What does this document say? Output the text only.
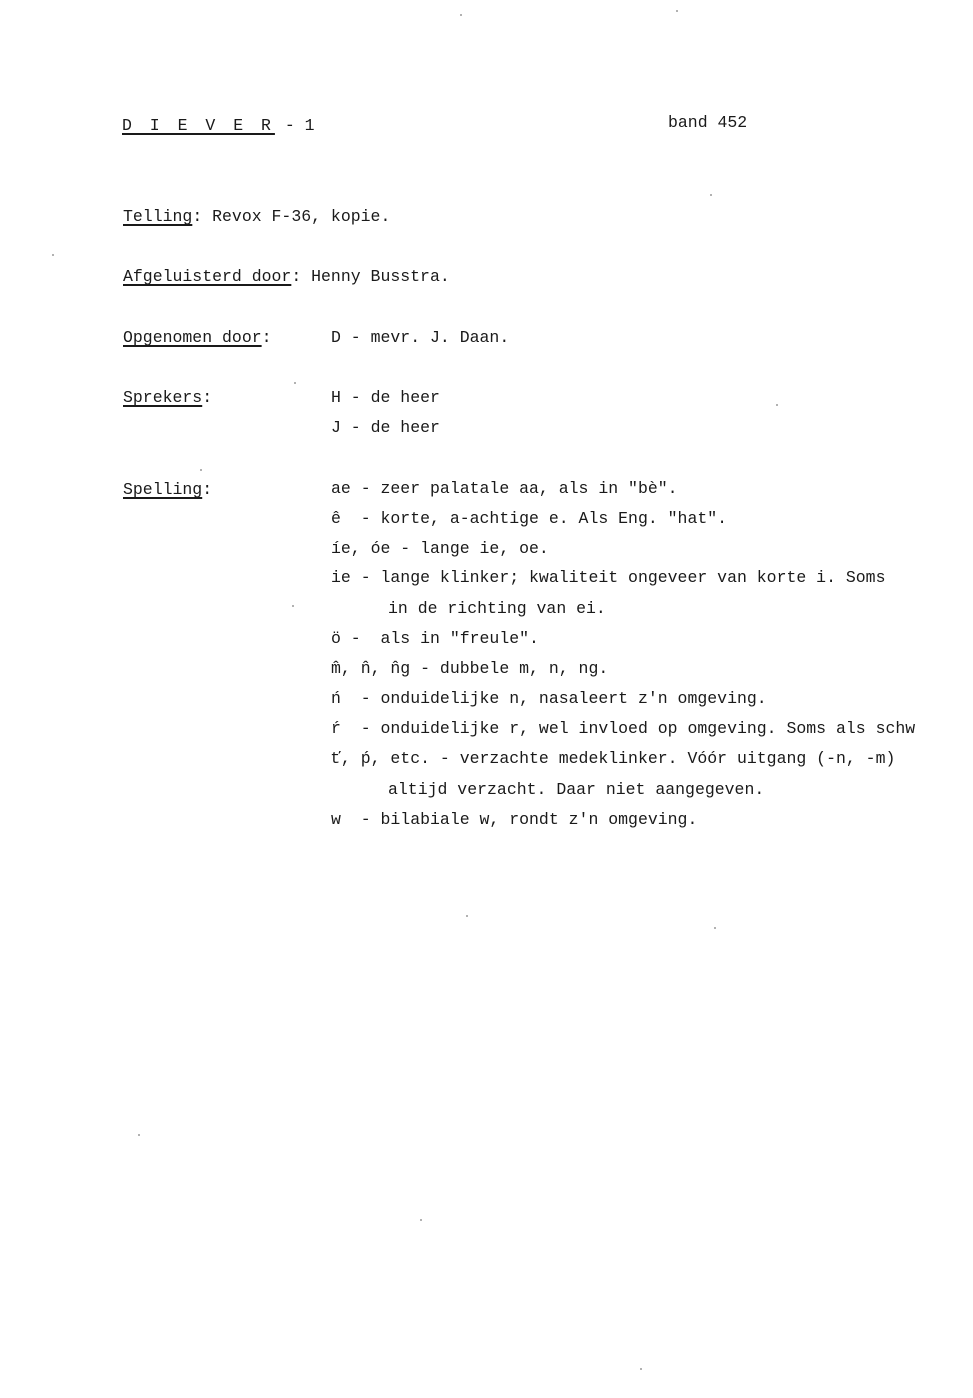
D I E V E R - 1	band 452
Telling: Revox F-36, kopie.
Afgeluisterd door: Henny Busstra.
Opgenomen door:	D - mevr. J. Daan.
Sprekers:	H - de heer
J - de heer
Spelling:	ae - zeer palatale aa, als in "bè".
ê  - korte, a-achtige e. Als Eng. "hat".
íe, óe - lange ie, oe.
ie - lange klinker; kwaliteit ongeveer van korte i. Soms
in de richting van ei.
ö -  als in "freule".
m̂, n̂, n̂g - dubbele m, n, ng.
ń  - onduidelijke n, nasaleert z'n omgeving.
ŕ  - onduidelijke r, wel invloed op omgeving. Soms als schw
ť, ṕ, etc. - verzachte medeklinker. Vóór uitgang (-n, -m)
altijd verzacht. Daar niet aangegeven.
w  - bilabiale w, rondt z'n omgeving.
